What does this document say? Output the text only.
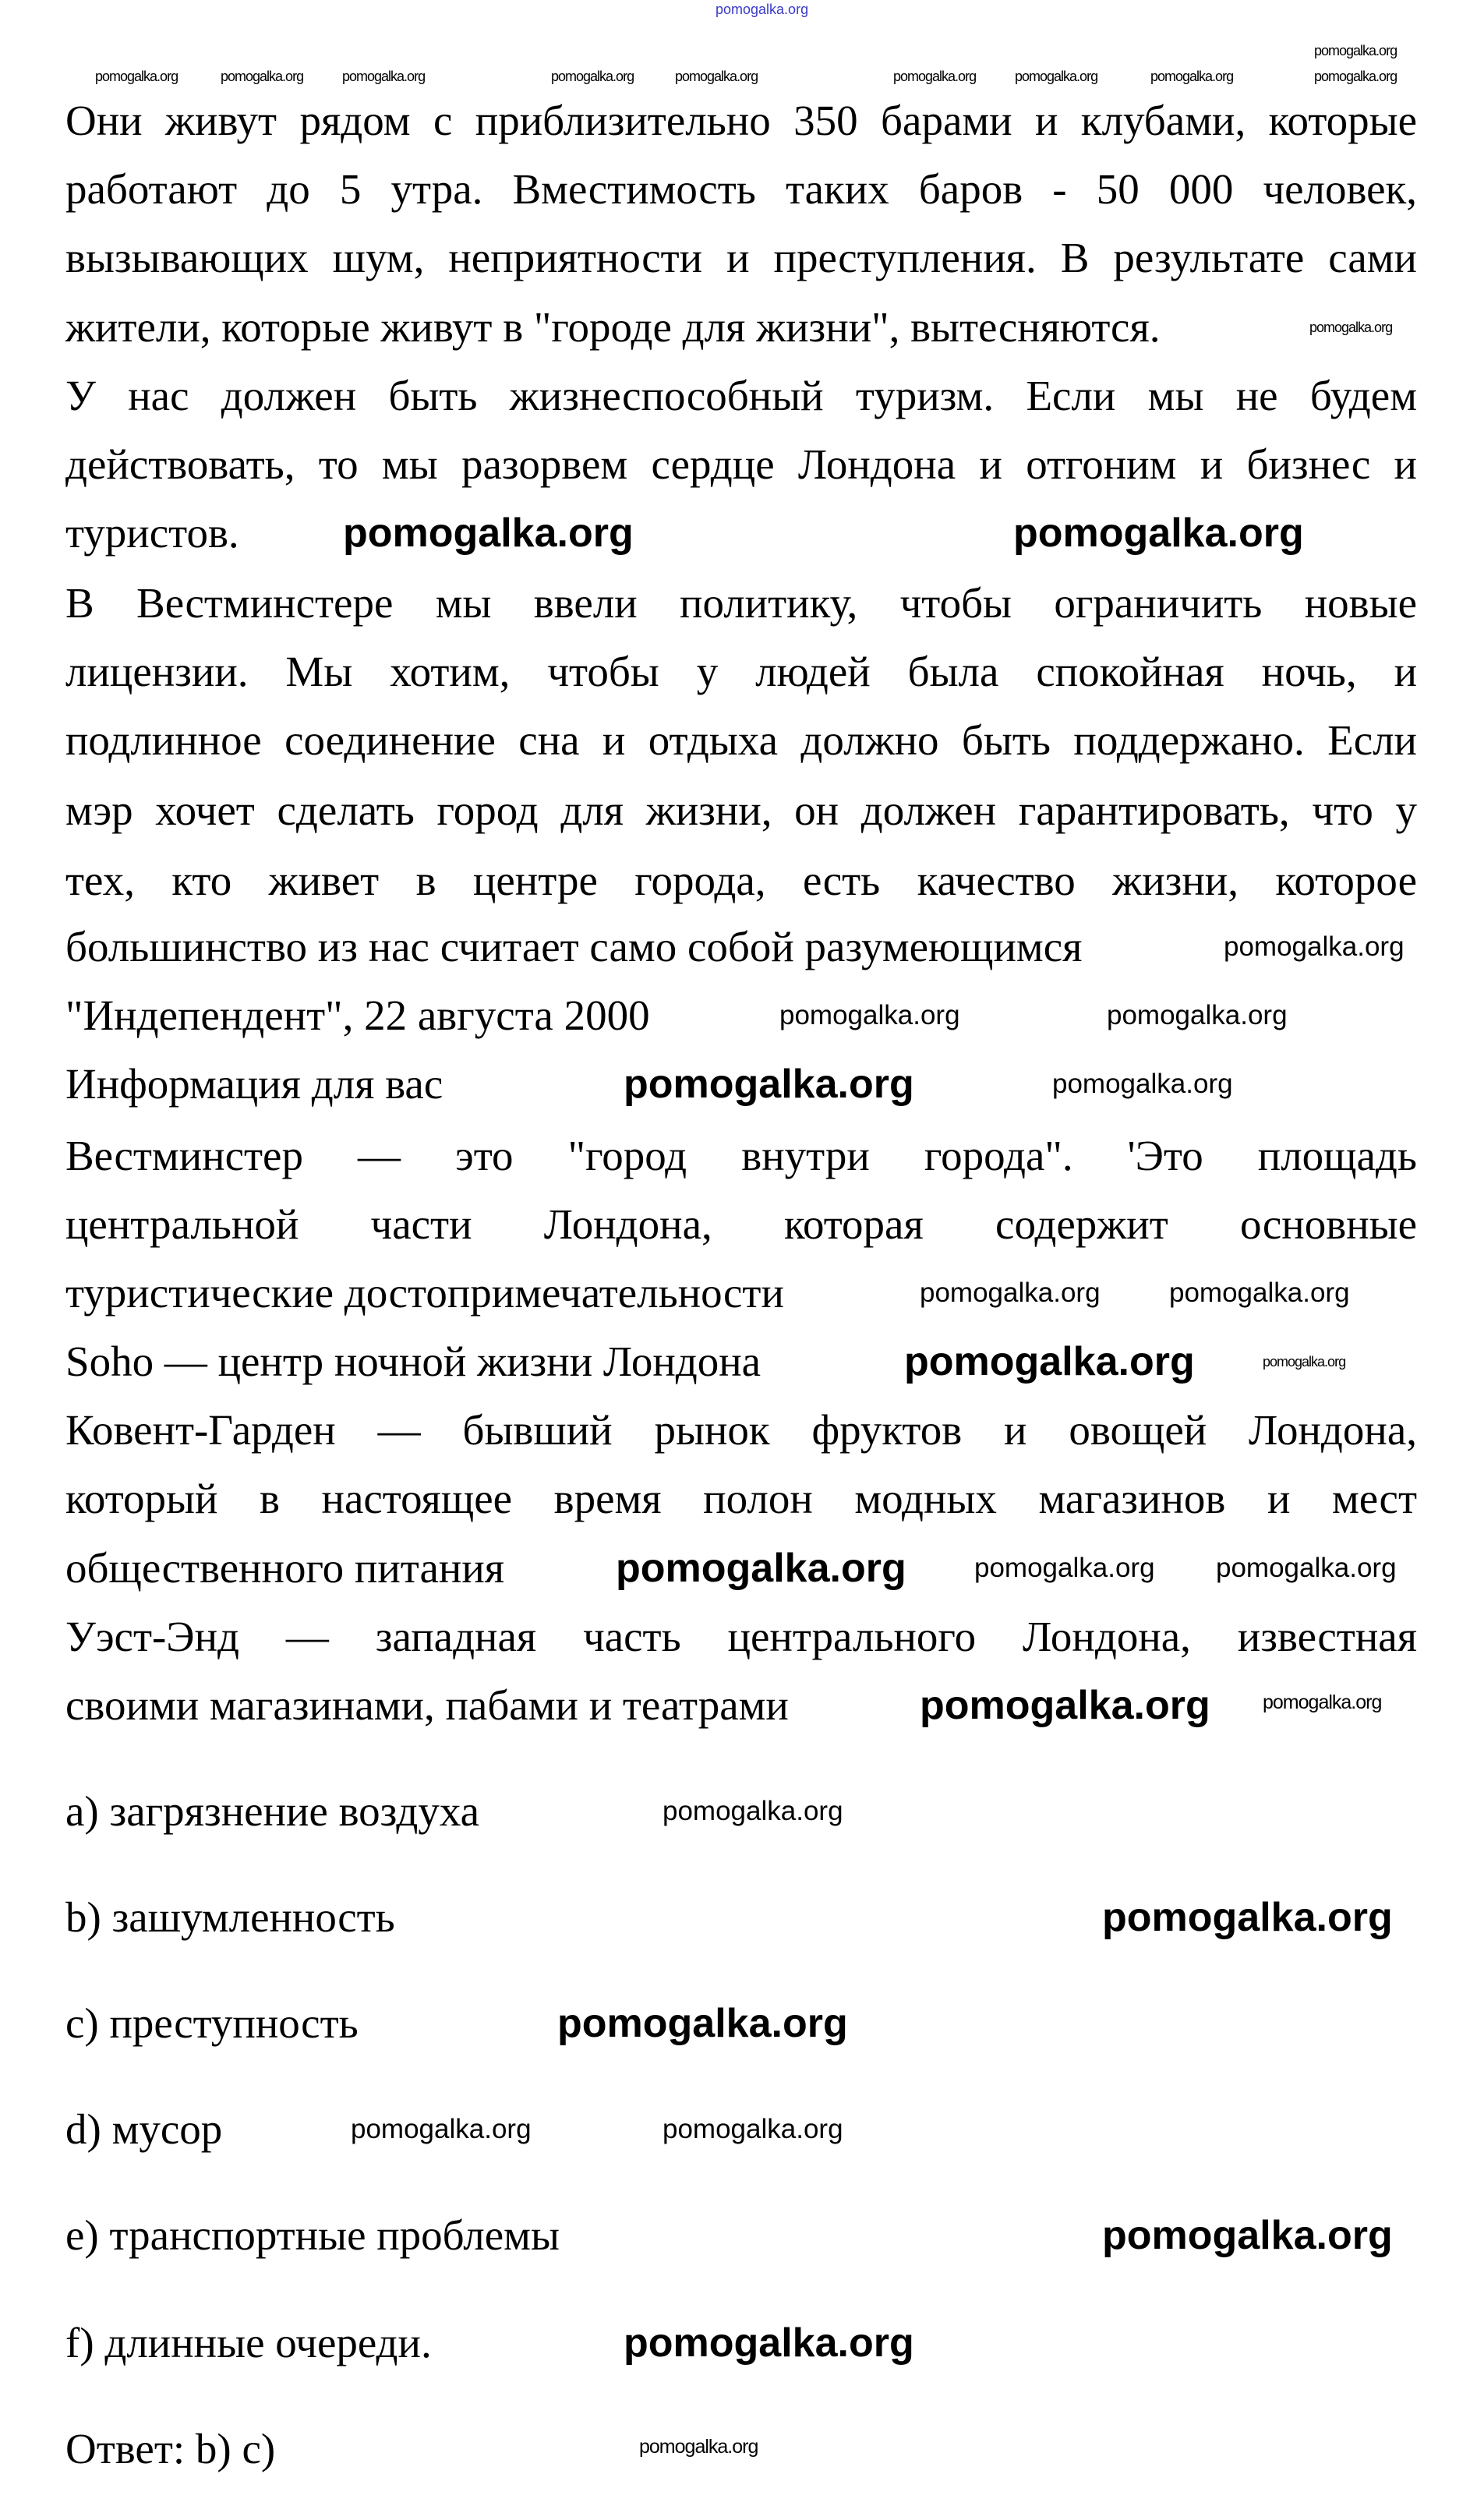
pomogalka.org
Они живут рядом с приблизительно 350 барами и клубами, которые
работают до 5 утра. Вместимость таких баров - 50 000 человек,
вызывающих шум, неприятности и преступления. В результате сами
жители, которые живут в "городе для жизни", вытесняются.
У нас должен быть жизнеспособный туризм. Если мы не будем
действовать, то мы разорвем сердце Лондона и отгоним и бизнес и
туристов.
В Вестминстере мы ввели политику, чтобы ограничить новые
лицензии. Мы хотим, чтобы у людей была спокойная ночь, и
подлинное соединение сна и отдыха должно быть поддержано. Если
мэр хочет сделать город для жизни, он должен гарантировать, что у
тех, кто живет в центре города, есть качество жизни, которое
большинство из нас считает само собой разумеющимся
"Индепендент", 22 августа 2000
Информация для вас
Вестминстер — это "город внутри города". 'Это площадь
центральной части Лондона, которая содержит основные
туристические достопримечательности
Soho — центр ночной жизни Лондона
Ковент-Гарден — бывший рынок фруктов и овощей Лондона,
который в настоящее время полон модных магазинов и мест
общественного питания
Уэст-Энд — западная часть центрального Лондона, известная
своими магазинами, пабами и театрами
a) загрязнение воздуха
b) зашумленность
c) преступность
d) мусор
e) транспортные проблемы
f) длинные очереди.
Ответ: b) c)
pomogalka.org	pomogalka.org	pomogalka.org	pomogalka.org	pomogalka.org	pomogalka.org	pomogalka.org	pomogalka.org	pomogalka.org
pomogalka.org
pomogalka.org
pomogalka.org
pomogalka.org
pomogalka.org
pomogalka.org	pomogalka.org
pomogalka.org
pomogalka.org
pomogalka.org	pomogalka.org
pomogalka.org pomogalka.org
pomogalka.org
pomogalka.org	pomogalka.org
pomogalka.org	pomogalka.org
pomogalka.org
pomogalka.org
pomogalka.org
pomogalka.org
pomogalka.org
pomogalka.org
pomogalka.org
pomogalka.org
